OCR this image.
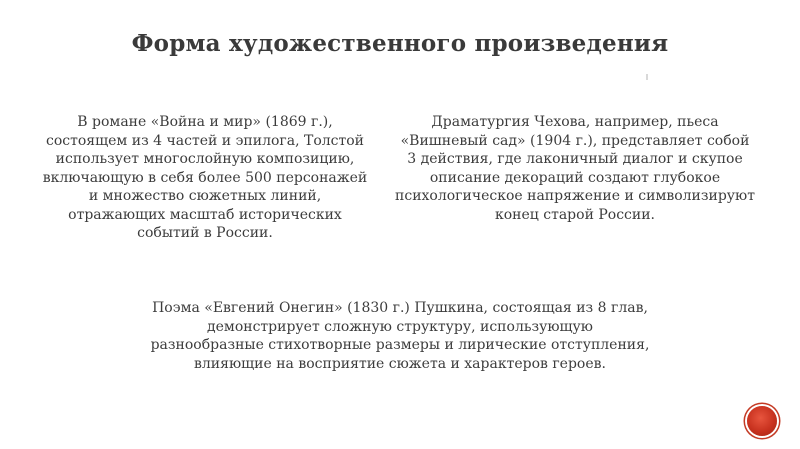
Форма художественного произведения
В романе «Война и мир» (1869 г.), состоящем из 4 частей и эпилога, Толстой использует многослойную композицию, включающую в себя более 500 персонажей и множество сюжетных линий, отражающих масштаб исторических событий в России.
Драматургия Чехова, например, пьеса «Вишневый сад» (1904 г.), представляет собой 3 действия, где лаконичный диалог и скупое описание декораций создают глубокое психологическое напряжение и символизируют конец старой России.
Поэма «Евгений Онегин» (1830 г.) Пушкина, состоящая из 8 глав, демонстрирует сложную структуру, использующую разнообразные стихотворные размеры и лирические отступления, влияющие на восприятие сюжета и характеров героев.
